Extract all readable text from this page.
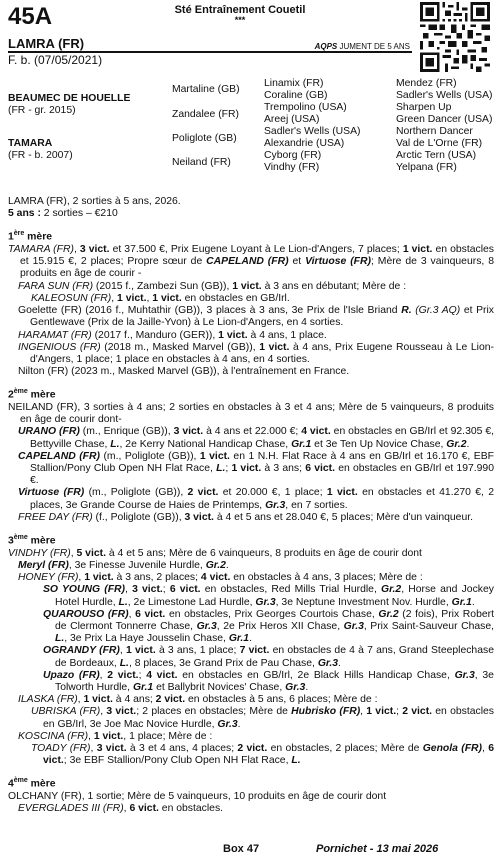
45A	Sté Entraînement Couetil
***
LAMRA (FR)	AQPS JUMENT DE 5 ANS
F. b. (07/05/2021)
BEAUMEC DE HOUELLE
(FR - gr. 2015)
TAMARA
(FR - b. 2007)
Martaline (GB)
Zandalee (FR)
Poliglote (GB)
Neiland (FR)
Linamix (FR)
Coraline (GB)
Trempolino (USA)
Areej (USA)
Sadler's Wells (USA)
Alexandrie (USA)
Cyborg (FR)
Vindhy (FR)
Mendez (FR)
Sadler's Wells (USA)
Sharpen Up
Green Dancer (USA)
Northern Dancer
Val de L'Orne (FR)
Arctic Tern (USA)
Yelpana (FR)

LAMRA (FR), 2 sorties à 5 ans, 2026.

5 ans : 2 sorties – €210

1ère mère

TAMARA (FR), 3 vict. et 37.500 €, Prix Eugene Loyant à Le Lion-d'Angers, 7 places; 1 vict. en obstacles et 15.915 €, 2 places; Propre sœur de CAPELAND (FR) et Virtuose (FR); Mère de 3 vainqueurs, 8 produits en âge de courir -

FARA SUN (FR) (2015 f., Zambezi Sun (GB)), 1 vict. à 3 ans en débutant; Mère de :

KALEOSUN (FR), 1 vict., 1 vict. en obstacles en GB/Irl.

Goelette (FR) (2016 f., Muhtathir (GB)), 3 places à 3 ans, 3e Prix de l'Isle Briand R. (Gr.3 AQ) et Prix Gentlewave (Prix de la Jaille-Yvon) à Le Lion-d'Angers, en 4 sorties.

HARAMAT (FR) (2017 f., Manduro (GER)), 1 vict. à 4 ans, 1 place.

INGENIOUS (FR) (2018 m., Masked Marvel (GB)), 1 vict. à 4 ans, Prix Eugene Rousseau à Le Lion-d'Angers, 1 place; 1 place en obstacles à 4 ans, en 4 sorties.

Nilton (FR) (2023 m., Masked Marvel (GB)), à l'entraînement en France.

2ème mère

NEILAND (FR), 3 sorties à 4 ans; 2 sorties en obstacles à 3 et 4 ans; Mère de 5 vainqueurs, 8 produits en âge de courir dont-

URANO (FR) (m., Enrique (GB)), 3 vict. à 4 ans et 22.000 €; 4 vict. en obstacles en GB/Irl et 92.305 €, Bettyville Chase, L., 2e Kerry National Handicap Chase, Gr.1 et 3e Ten Up Novice Chase, Gr.2.

CAPELAND (FR) (m., Poliglote (GB)), 1 vict. en 1 N.H. Flat Race à 4 ans en GB/Irl et 16.170 €, EBF Stallion/Pony Club Open NH Flat Race, L.; 1 vict. à 3 ans; 6 vict. en obstacles en GB/Irl et 197.990 €.

Virtuose (FR) (m., Poliglote (GB)), 2 vict. et 20.000 €, 1 place; 1 vict. en obstacles et 41.270 €, 2 places, 3e Grande Course de Haies de Printemps, Gr.3, en 7 sorties.

FREE DAY (FR) (f., Poliglote (GB)), 3 vict. à 4 et 5 ans et 28.040 €, 5 places; Mère d'un vainqueur.

3ème mère

VINDHY (FR), 5 vict. à 4 et 5 ans; Mère de 6 vainqueurs, 8 produits en âge de courir dont

Meryl (FR), 3e Finesse Juvenile Hurdle, Gr.2.

HONEY (FR), 1 vict. à 3 ans, 2 places; 4 vict. en obstacles à 4 ans, 3 places; Mère de :

SO YOUNG (FR), 3 vict.; 6 vict. en obstacles, Red Mills Trial Hurdle, Gr.2, Horse and Jockey Hotel Hurdle, L., 2e Limestone Lad Hurdle, Gr.3, 3e Neptune Investment Nov. Hurdle, Gr.1.

QUAROUSO (FR), 6 vict. en obstacles, Prix Georges Courtois Chase, Gr.2 (2 fois), Prix Robert de Clermont Tonnerre Chase, Gr.3, 2e Prix Heros XII Chase, Gr.3, Prix Saint-Sauveur Chase, L., 3e Prix La Haye Jousselin Chase, Gr.1.

OGRANDY (FR), 1 vict. à 3 ans, 1 place; 7 vict. en obstacles de 4 à 7 ans, Grand Steeplechase de Bordeaux, L., 8 places, 3e Grand Prix de Pau Chase, Gr.3.

Upazo (FR), 2 vict.; 4 vict. en obstacles en GB/Irl, 2e Black Hills Handicap Chase, Gr.3, 3e Tolworth Hurdle, Gr.1 et Ballybrit Novices' Chase, Gr.3.

ILASKA (FR), 1 vict. à 4 ans; 2 vict. en obstacles à 5 ans, 6 places; Mère de :

UBRISKA (FR), 3 vict.; 2 places en obstacles; Mère de Hubrisko (FR), 1 vict.; 2 vict. en obstacles en GB/Irl, 3e Joe Mac Novice Hurdle, Gr.3.

KOSCINA (FR), 1 vict., 1 place; Mère de :

TOADY (FR), 3 vict. à 3 et 4 ans, 4 places; 2 vict. en obstacles, 2 places; Mère de Genola (FR), 6 vict.; 3e EBF Stallion/Pony Club Open NH Flat Race, L.

4ème mère

OLCHANY (FR), 1 sortie; Mère de 5 vainqueurs, 10 produits en âge de courir dont

EVERGLADES III (FR), 6 vict. en obstacles.

Box 47	Pornichet - 13 mai 2026
